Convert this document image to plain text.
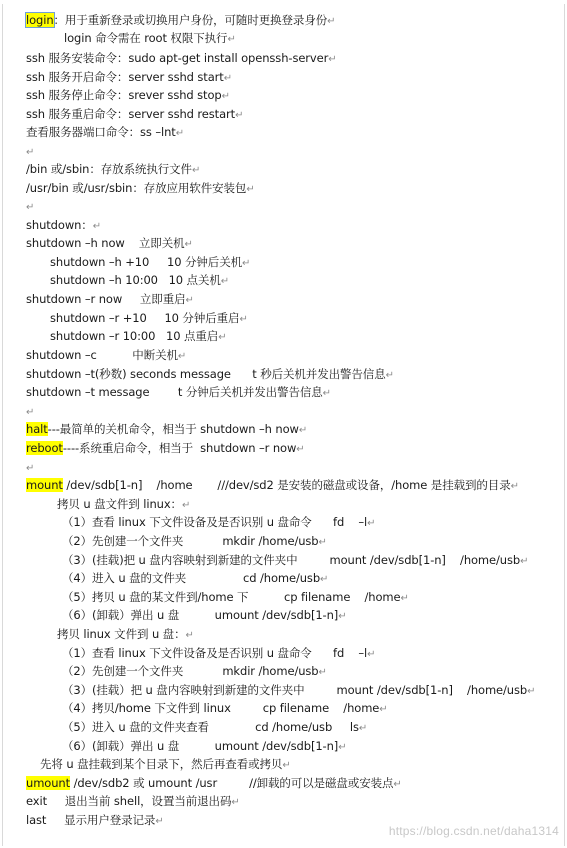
login：用于重新登录或切换用户身份，可随时更换登录身份↵
login 命令需在 root 权限下执行↵
ssh 服务安装命令：sudo apt-get install openssh-server↵
ssh 服务开启命令：server sshd start↵
ssh 服务停止命令：srever sshd stop↵
ssh 服务重启命令：server sshd restart↵
查看服务器端口命令：ss –lnt↵
↵
/bin 或/sbin：存放系统执行文件↵
/usr/bin 或/usr/sbin：存放应用软件安装包↵
↵
shutdown：↵
shutdown –h now    立即关机↵
shutdown –h +10     10 分钟后关机↵
shutdown –h 10:00   10 点关机↵
shutdown –r now     立即重启↵
shutdown –r +10     10 分钟后重启↵
shutdown –r 10:00   10 点重启↵
shutdown –c          中断关机↵
shutdown –t(秒数) seconds message      t 秒后关机并发出警告信息↵
shutdown –t message        t 分钟后关机并发出警告信息↵
↵
halt---最简单的关机命令，相当于 shutdown –h now↵
reboot----系统重启命令，相当于  shutdown –r now↵
↵
mount /dev/sdb[1-n]    /home       ///dev/sd2 是安装的磁盘或设备，/home 是挂载到的目录↵
拷贝 u 盘文件到 linux：↵
（1）查看 linux 下文件设备及是否识别 u 盘命令      fd    –l↵
（2）先创建一个文件夹           mkdir /home/usb↵
（3）(挂载)把 u 盘内容映射到新建的文件夹中         mount /dev/sdb[1-n]    /home/usb↵
（4）进入 u 盘的文件夹                cd /home/usb↵
（5）拷贝 u 盘的某文件到/home 下          cp filename    /home↵
（6）(卸载）弹出 u 盘          umount /dev/sdb[1-n]↵
拷贝 linux 文件到 u 盘：↵
（1）查看 linux 下文件设备及是否识别 u 盘命令      fd    –l↵
（2）先创建一个文件夹           mkdir /home/usb↵
（3）(挂载）把 u 盘内容映射到新建的文件夹中         mount /dev/sdb[1-n]    /home/usb↵
（4）拷贝/home 下文件到 linux         cp filename    /home↵
（5）进入 u 盘的文件夹查看             cd /home/usb     ls↵
（6）(卸载）弹出 u 盘          umount /dev/sdb[1-n]↵
先将 u 盘挂载到某个目录下，然后再查看或拷贝↵
umount /dev/sdb2 或 umount /usr         //卸载的可以是磁盘或安装点↵
exit     退出当前 shell，设置当前退出码↵
last     显示用户登录记录↵
https://blog.csdn.net/daha1314
